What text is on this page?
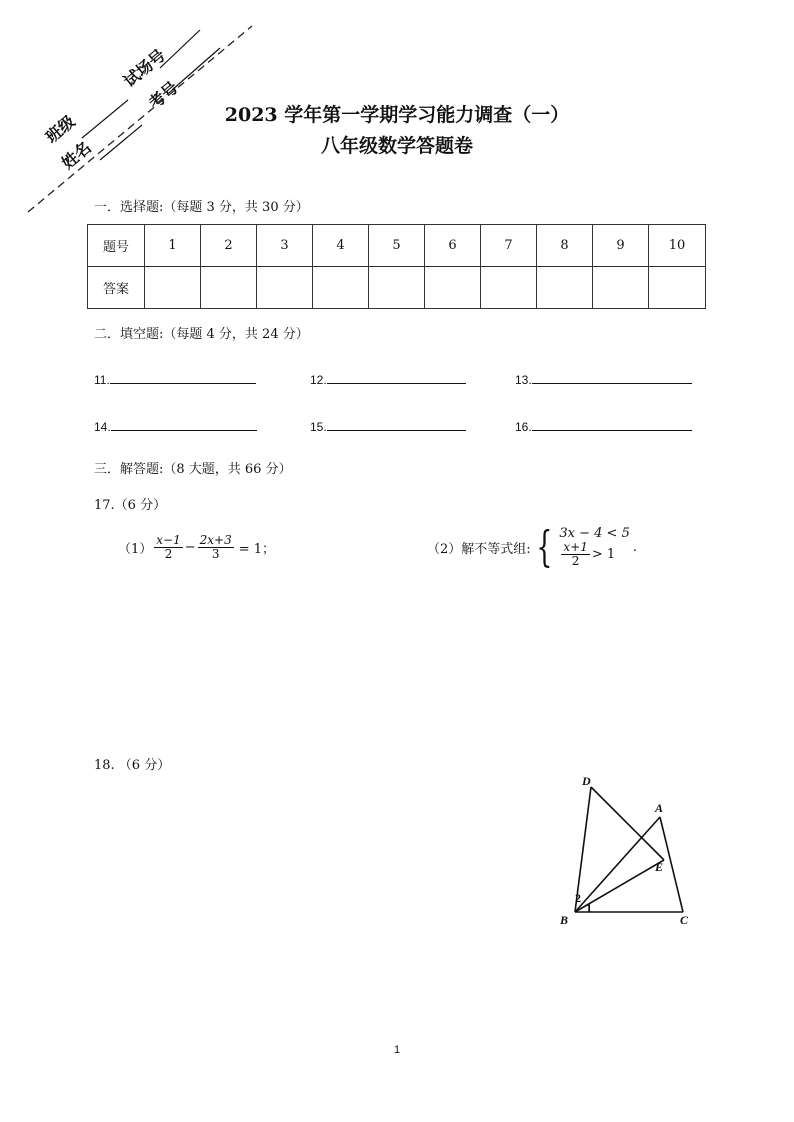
班级
姓名
试场号
考号
2023 学年第一学期学习能力调查（一）
八年级数学答题卷
一．选择题:（每题 3 分，共 30 分）
题号	1	2	3	4	5	6	7	8	9	10
答案										
二．填空题:（每题 4 分，共 24 分）
11.	12.	13.
14.	15.	16.
三．解答题:（8 大题，共 66 分）
17.（6 分）
$(1) \frac{x-1}{2} - \frac{2x+3}{3} = 1$；	（2）解不等式组: { 3x − 4 < 5
$\frac{x+1}{2} > 1$ .
18. （6 分）
D
A
E
B	C
1
2
1
